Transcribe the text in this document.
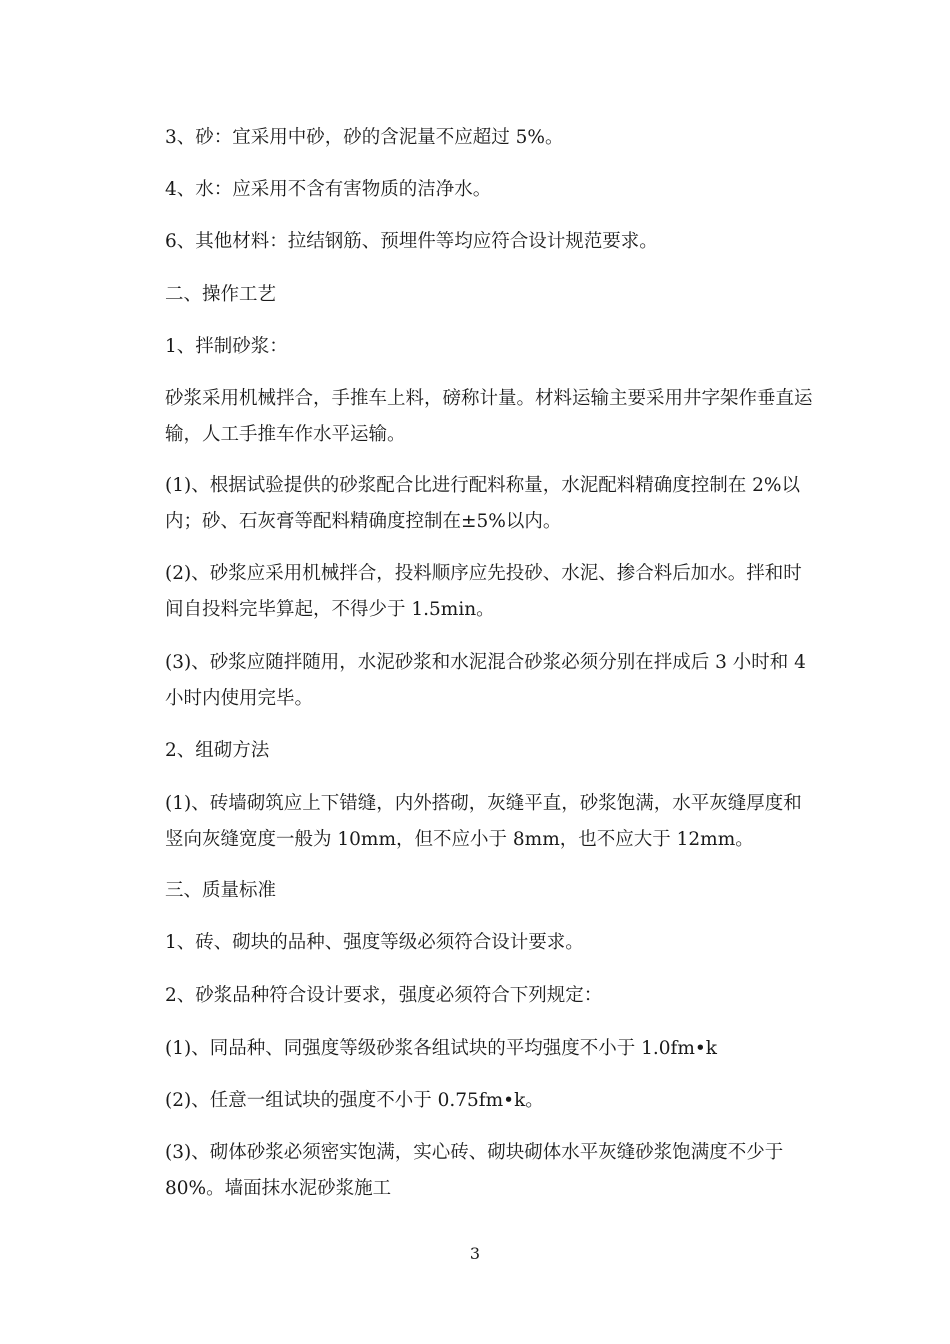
3、砂：宜采用中砂，砂的含泥量不应超过 5%。

4、水：应采用不含有害物质的洁净水。

6、其他材料：拉结钢筋、预埋件等均应符合设计规范要求。

二、操作工艺

1、拌制砂浆：

砂浆采用机械拌合，手推车上料，磅称计量。材料运输主要采用井字架作垂直运输，人工手推车作水平运输。

(1)、根据试验提供的砂浆配合比进行配料称量，水泥配料精确度控制在 2%以内；砂、石灰膏等配料精确度控制在±5%以内。

(2)、砂浆应采用机械拌合，投料顺序应先投砂、水泥、掺合料后加水。拌和时间自投料完毕算起，不得少于 1.5min。

(3)、砂浆应随拌随用，水泥砂浆和水泥混合砂浆必须分别在拌成后 3 小时和 4小时内使用完毕。

2、组砌方法

(1)、砖墙砌筑应上下错缝，内外搭砌，灰缝平直，砂浆饱满，水平灰缝厚度和竖向灰缝宽度一般为 10mm，但不应小于 8mm，也不应大于 12mm。

三、质量标准

1、砖、砌块的品种、强度等级必须符合设计要求。

2、砂浆品种符合设计要求，强度必须符合下列规定：

(1)、同品种、同强度等级砂浆各组试块的平均强度不小于 1.0fm•k

(2)、任意一组试块的强度不小于 0.75fm•k。

(3)、砌体砂浆必须密实饱满，实心砖、砌块砌体水平灰缝砂浆饱满度不少于80%。墙面抹水泥砂浆施工

3
